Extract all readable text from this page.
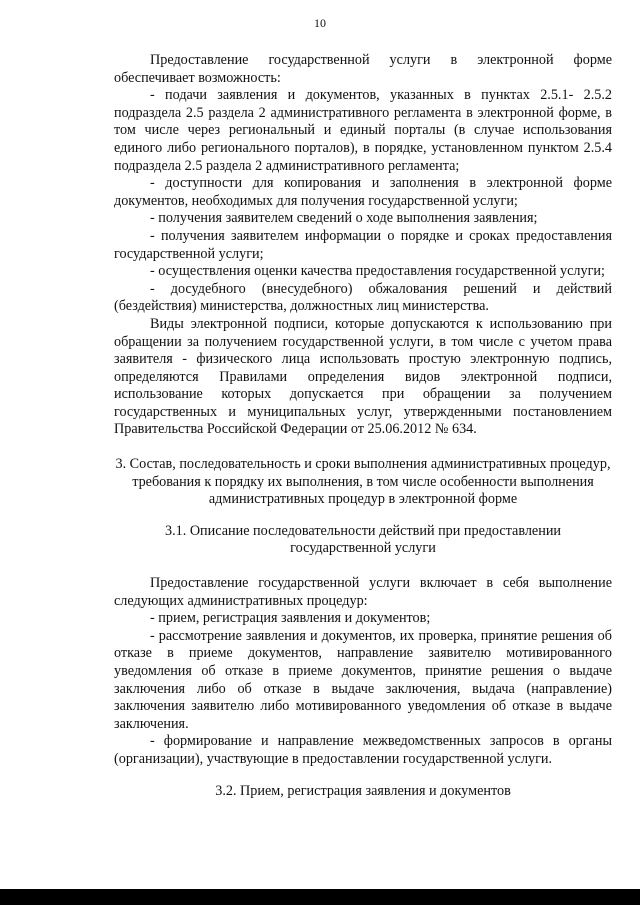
10

Предоставление государственной услуги в электронной форме обеспечивает возможность:

- подачи заявления и документов, указанных в пунктах 2.5.1- 2.5.2 подраздела 2.5 раздела 2 административного регламента в электронной форме, в том числе через региональный и единый порталы (в случае использования единого либо регионального порталов), в порядке, установленном пунктом 2.5.4 подраздела 2.5 раздела 2 административного регламента;

- доступности для копирования и заполнения в электронной форме документов, необходимых для получения государственной услуги;

- получения заявителем сведений о ходе выполнения заявления;

- получения заявителем информации о порядке и сроках предоставления государственной услуги;

- осуществления оценки качества предоставления государственной услуги;

- досудебного (внесудебного) обжалования решений и действий (бездействия) министерства, должностных лиц министерства.

Виды электронной подписи, которые допускаются к использованию при обращении за получением государственной услуги, в том числе с учетом права заявителя - физического лица использовать простую электронную подпись, определяются Правилами определения видов электронной подписи, использование которых допускается при обращении за получением государственных и муниципальных услуг, утвержденными постановлением Правительства Российской Федерации от 25.06.2012 № 634.

3. Состав, последовательность и сроки выполнения административных процедур, требования к порядку их выполнения, в том числе особенности выполнения административных процедур в электронной форме

3.1. Описание последовательности действий при предоставлении государственной услуги

Предоставление государственной услуги включает в себя выполнение следующих административных процедур:

- прием, регистрация заявления и документов;

- рассмотрение заявления и документов, их проверка, принятие решения об отказе в приеме документов, направление заявителю мотивированного уведомления об отказе в приеме документов, принятие решения о выдаче заключения либо об отказе в выдаче заключения, выдача (направление) заключения заявителю либо мотивированного уведомления об отказе в выдаче заключения.

- формирование и направление межведомственных запросов в органы (организации), участвующие в предоставлении государственной услуги.

3.2. Прием, регистрация заявления и документов
